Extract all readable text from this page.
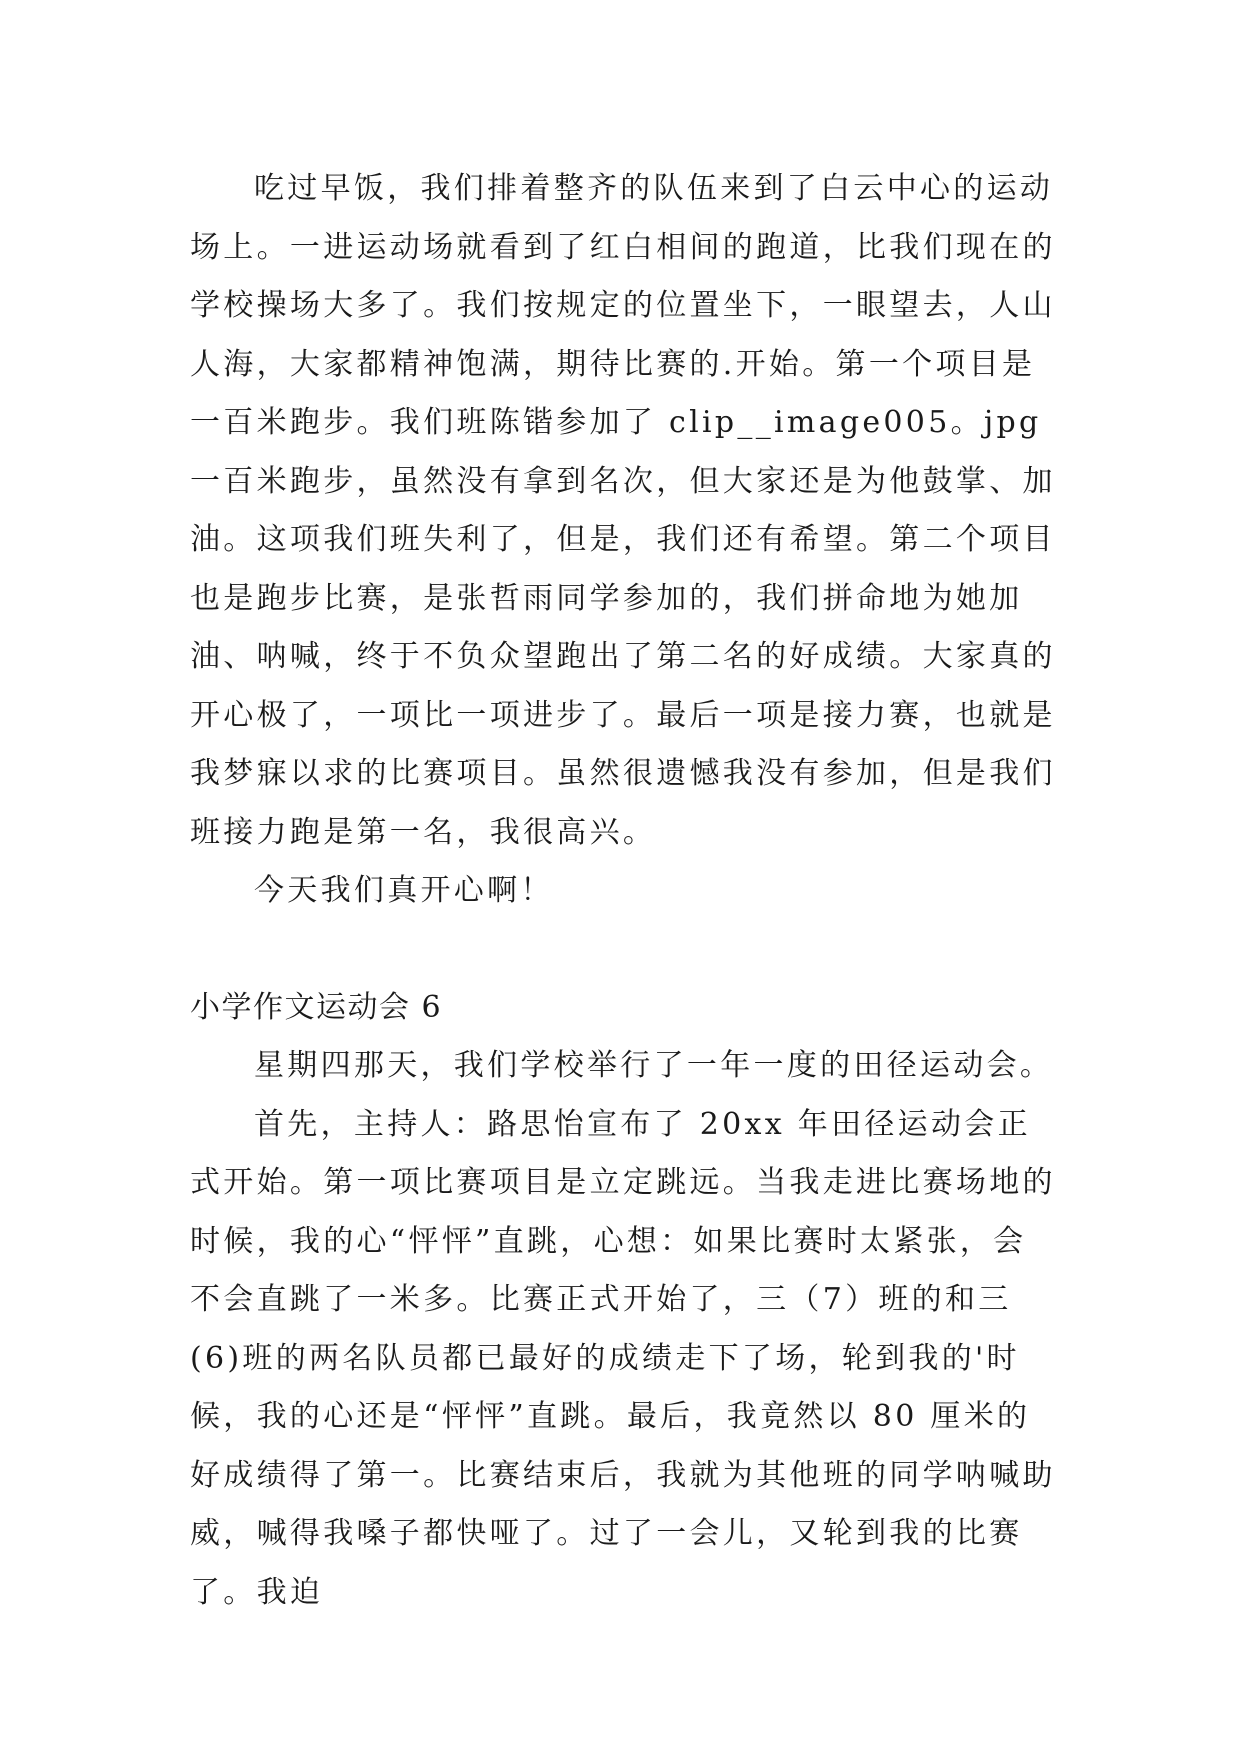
吃过早饭，我们排着整齐的队伍来到了白云中心的运动场上。一进运动场就看到了红白相间的跑道，比我们现在的学校操场大多了。我们按规定的位置坐下，一眼望去，人山人海，大家都精神饱满，期待比赛的.开始。第一个项目是一百米跑步。我们班陈锴参加了 clip__image005。jpg 一百米跑步，虽然没有拿到名次，但大家还是为他鼓掌、加油。这项我们班失利了，但是，我们还有希望。第二个项目也是跑步比赛，是张哲雨同学参加的，我们拼命地为她加油、呐喊，终于不负众望跑出了第二名的好成绩。大家真的开心极了，一项比一项进步了。最后一项是接力赛，也就是我梦寐以求的比赛项目。虽然很遗憾我没有参加，但是我们班接力跑是第一名，我很高兴。

今天我们真开心啊！

小学作文运动会 6

星期四那天，我们学校举行了一年一度的田径运动会。

首先，主持人：路思怡宣布了 20xx 年田径运动会正式开始。第一项比赛项目是立定跳远。当我走进比赛场地的时候，我的心“怦怦”直跳，心想：如果比赛时太紧张，会不会直跳了一米多。比赛正式开始了，三（7）班的和三(6)班的两名队员都已最好的成绩走下了场，轮到我的'时候，我的心还是“怦怦”直跳。最后，我竟然以 80 厘米的好成绩得了第一。比赛结束后，我就为其他班的同学呐喊助威，喊得我嗓子都快哑了。过了一会儿，又轮到我的比赛了。我迫
